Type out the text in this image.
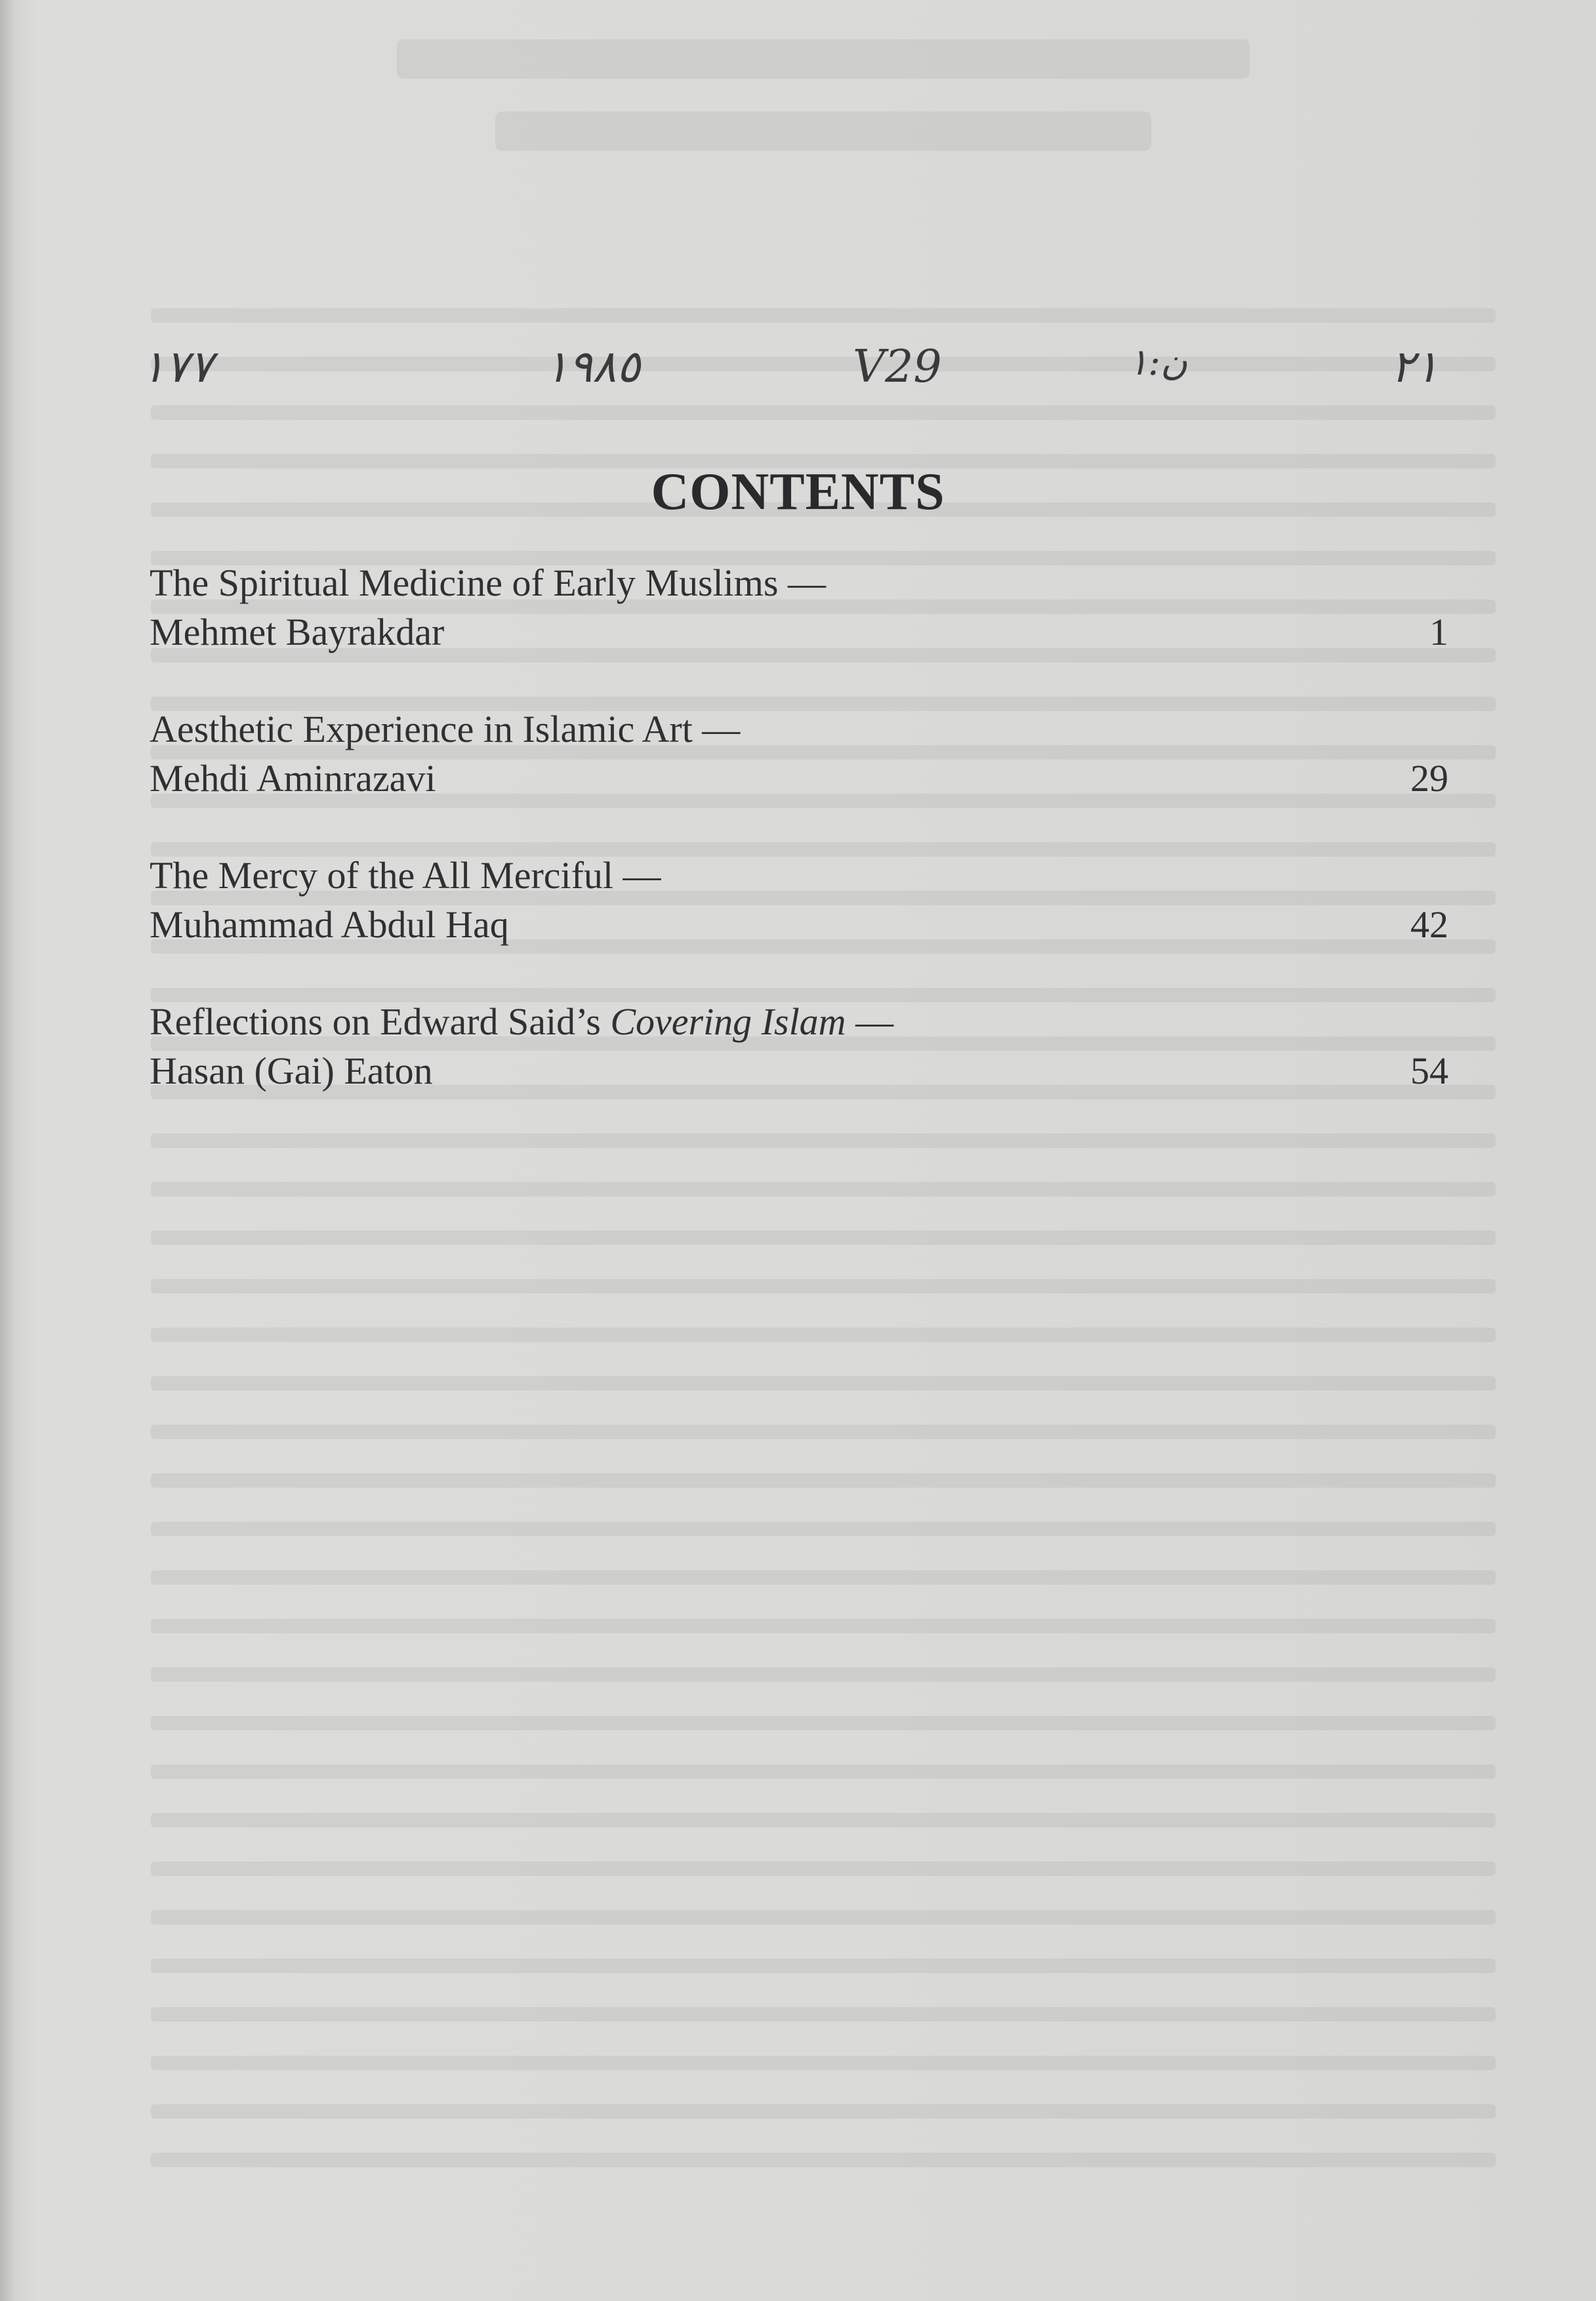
١٧٧	١٩٨٥	V29	ن:١	٢١
CONTENTS
The Spiritual Medicine of Early Muslims —
Mehmet Bayrakdar	1
Aesthetic Experience in Islamic Art —
Mehdi Aminrazavi	29
The Mercy of the All Merciful —
Muhammad Abdul Haq	42
Reflections on Edward Said’s Covering Islam —
Hasan (Gai) Eaton	54
